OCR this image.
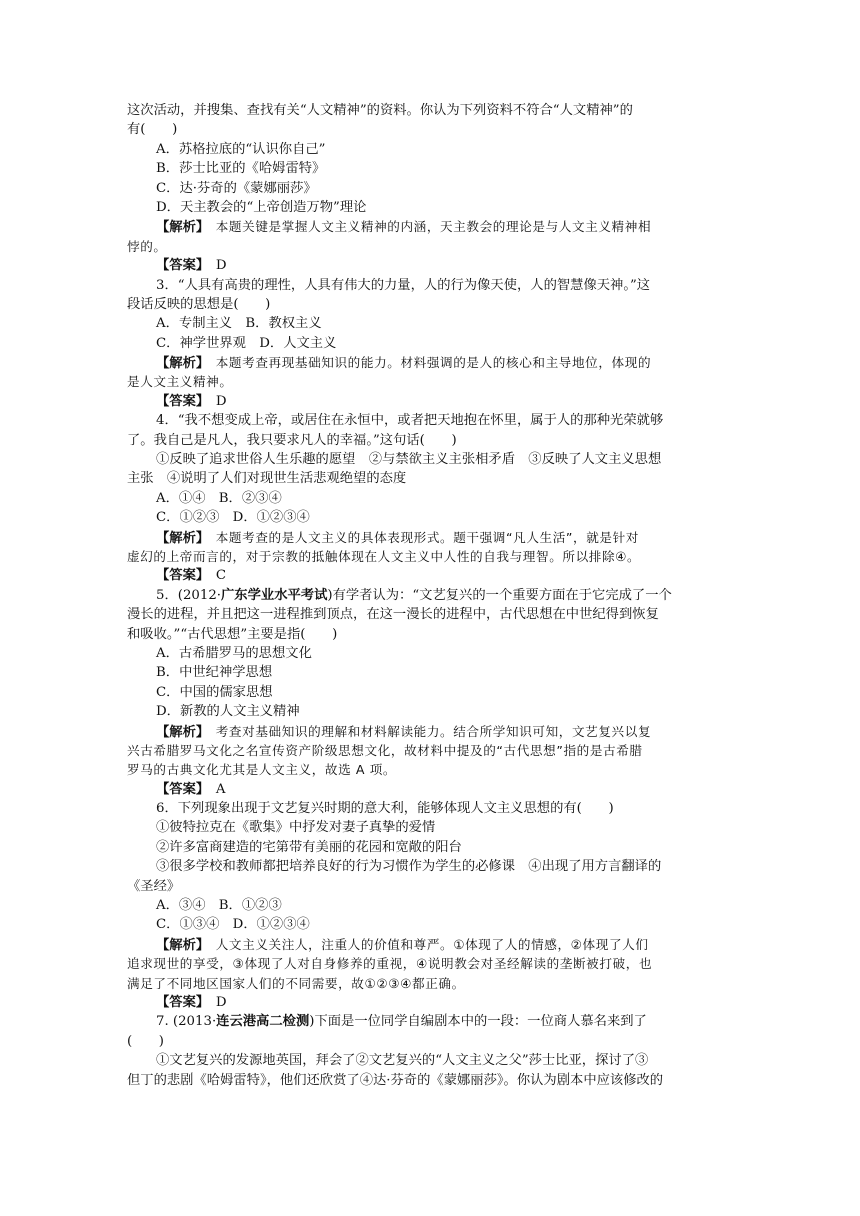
这次活动，并搜集、查找有关“人文精神”的资料。你认为下列资料不符合“人文精神”的
有(　　)
A．苏格拉底的“认识你自己”
B．莎士比亚的《哈姆雷特》
C．达·芬奇的《蒙娜丽莎》
D．天主教会的“上帝创造万物”理论
【解析】　本题关键是掌握人文主义精神的内涵，天主教会的理论是与人文主义精神相
悖的。
【答案】　D
3．“人具有高贵的理性，人具有伟大的力量，人的行为像天使，人的智慧像天神。”这
段话反映的思想是(　　)
A．专制主义　B．教权主义
C．神学世界观　D．人文主义
【解析】　本题考查再现基础知识的能力。材料强调的是人的核心和主导地位，体现的
是人文主义精神。
【答案】　D
4．“我不想变成上帝，或居住在永恒中，或者把天地抱在怀里，属于人的那种光荣就够
了。我自己是凡人，我只要求凡人的幸福。”这句话(　　)
①反映了追求世俗人生乐趣的愿望　②与禁欲主义主张相矛盾　③反映了人文主义思想
主张　④说明了人们对现世生活悲观绝望的态度
A．①④　B．②③④
C．①②③　D．①②③④
【解析】　本题考查的是人文主义的具体表现形式。题干强调“凡人生活”，就是针对
虚幻的上帝而言的，对于宗教的抵触体现在人文主义中人性的自我与理智。所以排除④。
【答案】　C
5．(2012·广东学业水平考试)有学者认为：“文艺复兴的一个重要方面在于它完成了一个
漫长的进程，并且把这一进程推到顶点，在这一漫长的进程中，古代思想在中世纪得到恢复
和吸收。”“古代思想”主要是指(　　)
A．古希腊罗马的思想文化
B．中世纪神学思想
C．中国的儒家思想
D．新教的人文主义精神
【解析】　考查对基础知识的理解和材料解读能力。结合所学知识可知，文艺复兴以复
兴古希腊罗马文化之名宣传资产阶级思想文化，故材料中提及的“古代思想”指的是古希腊
罗马的古典文化尤其是人文主义，故选 A 项。
【答案】　A
6．下列现象出现于文艺复兴时期的意大利，能够体现人文主义思想的有(　　)
①彼特拉克在《歌集》中抒发对妻子真挚的爱情
②许多富商建造的宅第带有美丽的花园和宽敞的阳台
③很多学校和教师都把培养良好的行为习惯作为学生的必修课　④出现了用方言翻译的
《圣经》
A．③④　B．①②③
C．①③④　D．①②③④
【解析】　人文主义关注人，注重人的价值和尊严。①体现了人的情感，②体现了人们
追求现世的享受，③体现了人对自身修养的重视，④说明教会对圣经解读的垄断被打破，也
满足了不同地区国家人们的不同需要，故①②③④都正确。
【答案】　D
7. (2013·连云港高二检测)下面是一位同学自编剧本中的一段：一位商人慕名来到了
(　　)
①文艺复兴的发源地英国，拜会了②文艺复兴的“人文主义之父”莎士比亚，探讨了③
但丁的悲剧《哈姆雷特》，他们还欣赏了④达·芬奇的《蒙娜丽莎》。你认为剧本中应该修改的
